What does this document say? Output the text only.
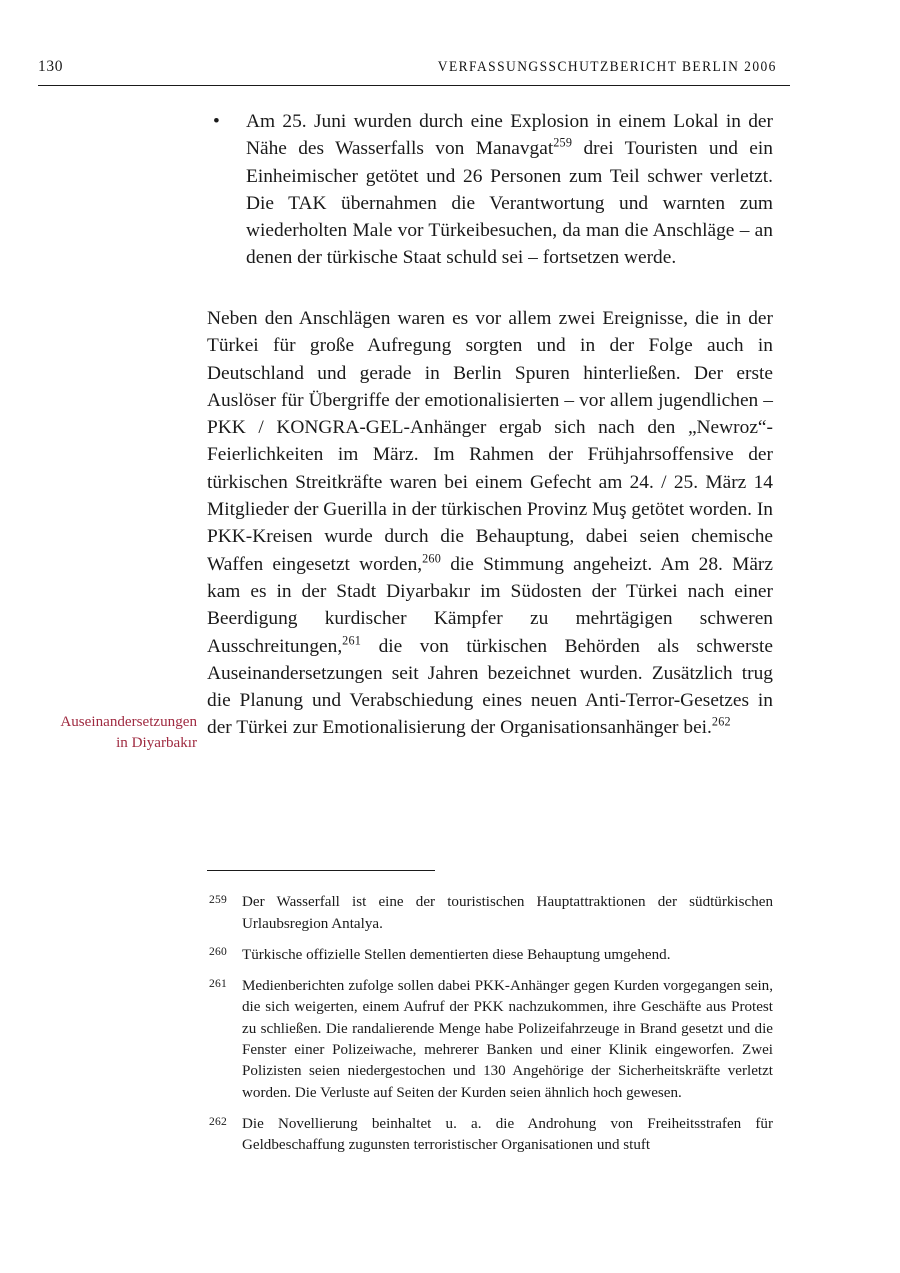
130	VERFASSUNGSSCHUTZBERICHT BERLIN 2006
• Am 25. Juni wurden durch eine Explosion in einem Lokal in der Nähe des Wasserfalls von Manavgat$^{259}$ drei Touristen und ein Einheimischer getötet und 26 Personen zum Teil schwer verletzt. Die TAK übernahmen die Verantwortung und warnten zum wiederholten Male vor Türkeibesuchen, da man die Anschläge – an denen der türkische Staat schuld sei – fortsetzen werde.

Neben den Anschlägen waren es vor allem zwei Ereignisse, die in der Türkei für große Aufregung sorgten und in der Folge auch in Deutschland und gerade in Berlin Spuren hinterließen. Der erste Auslöser für Übergriffe der emotionalisierten – vor allem jugendlichen – PKK / KONGRA-GEL-Anhänger ergab sich nach den „Newroz“-Feierlichkeiten im März. Im Rahmen der Frühjahrsoffensive der türkischen Streitkräfte waren bei einem Gefecht am 24. / 25. März 14 Mitglieder der Guerilla in der türkischen Provinz Muş getötet worden. In PKK-Kreisen wurde durch die Behauptung, dabei seien chemische Waffen eingesetzt worden,$^{260}$ die Stimmung angeheizt. Am 28. März kam es in der Stadt Diyarbakır im Südosten der Türkei nach einer Beerdigung kurdischer Kämpfer zu mehrtägigen schweren Ausschreitungen,$^{261}$ die von türkischen Behörden als schwerste Auseinandersetzungen seit Jahren bezeichnet wurden. Zusätzlich trug die Planung und Verabschiedung eines neuen Anti-Terror-Gesetzes in der Türkei zur Emotionalisierung der Organisationsanhänger bei.$^{262}$

Auseinandersetzungen
in Diyarbakır
259 Der Wasserfall ist eine der touristischen Hauptattraktionen der südtürkischen Urlaubsregion Antalya.
260 Türkische offizielle Stellen dementierten diese Behauptung umgehend.
261 Medienberichten zufolge sollen dabei PKK-Anhänger gegen Kurden vorgegangen sein, die sich weigerten, einem Aufruf der PKK nachzukommen, ihre Geschäfte aus Protest zu schließen. Die randalierende Menge habe Polizeifahrzeuge in Brand gesetzt und die Fenster einer Polizeiwache, mehrerer Banken und einer Klinik eingeworfen. Zwei Polizisten seien niedergestochen und 130 Angehörige der Sicherheitskräfte verletzt worden. Die Verluste auf Seiten der Kurden seien ähnlich hoch gewesen.
262 Die Novellierung beinhaltet u. a. die Androhung von Freiheitsstrafen für Geldbeschaffung zugunsten terroristischer Organisationen und stuft
